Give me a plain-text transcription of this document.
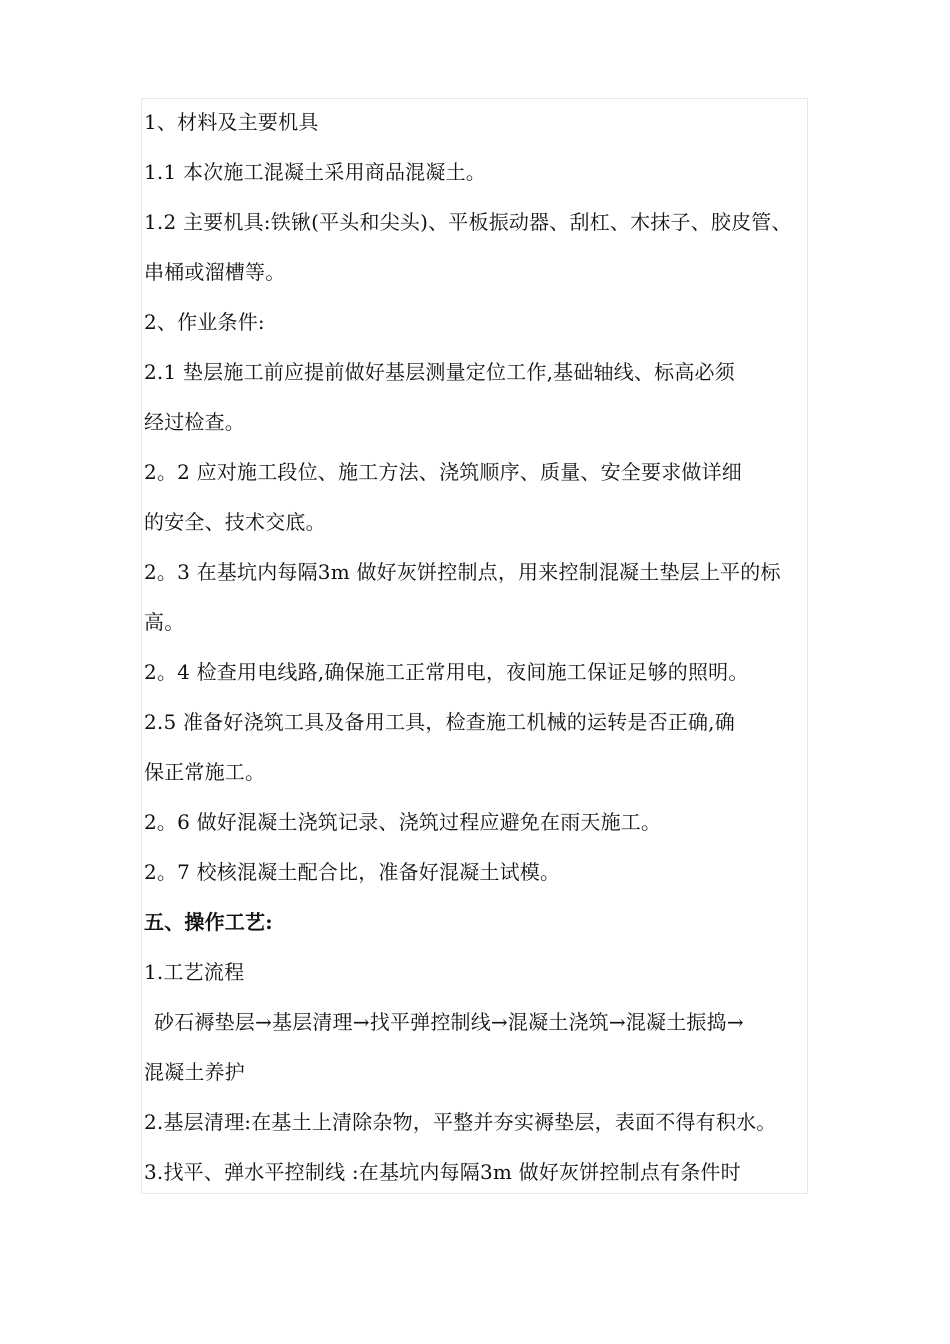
1、材料及主要机具
1.1 本次施工混凝土采用商品混凝土。
1.2 主要机具:铁锹(平头和尖头)、平板振动器、刮杠、木抹子、胶皮管、
串桶或溜槽等。
2、作业条件:
2.1 垫层施工前应提前做好基层测量定位工作,基础轴线、标高必须
经过检查。
2。2 应对施工段位、施工方法、浇筑顺序、质量、安全要求做详细
的安全、技术交底。
2。3 在基坑内每隔3m 做好灰饼控制点，用来控制混凝土垫层上平的标
高。
2。4 检查用电线路,确保施工正常用电，夜间施工保证足够的照明。
2.5 准备好浇筑工具及备用工具，检查施工机械的运转是否正确,确
保正常施工。
2。6 做好混凝土浇筑记录、浇筑过程应避免在雨天施工。
2。7 校核混凝土配合比，准备好混凝土试模。
五、操作工艺:
1.工艺流程
砂石褥垫层→基层清理→找平弹控制线→混凝土浇筑→混凝土振捣→
混凝土养护
2.基层清理:在基土上清除杂物，平整并夯实褥垫层，表面不得有积水。
3.找平、弹水平控制线 :在基坑内每隔3m 做好灰饼控制点有条件时
